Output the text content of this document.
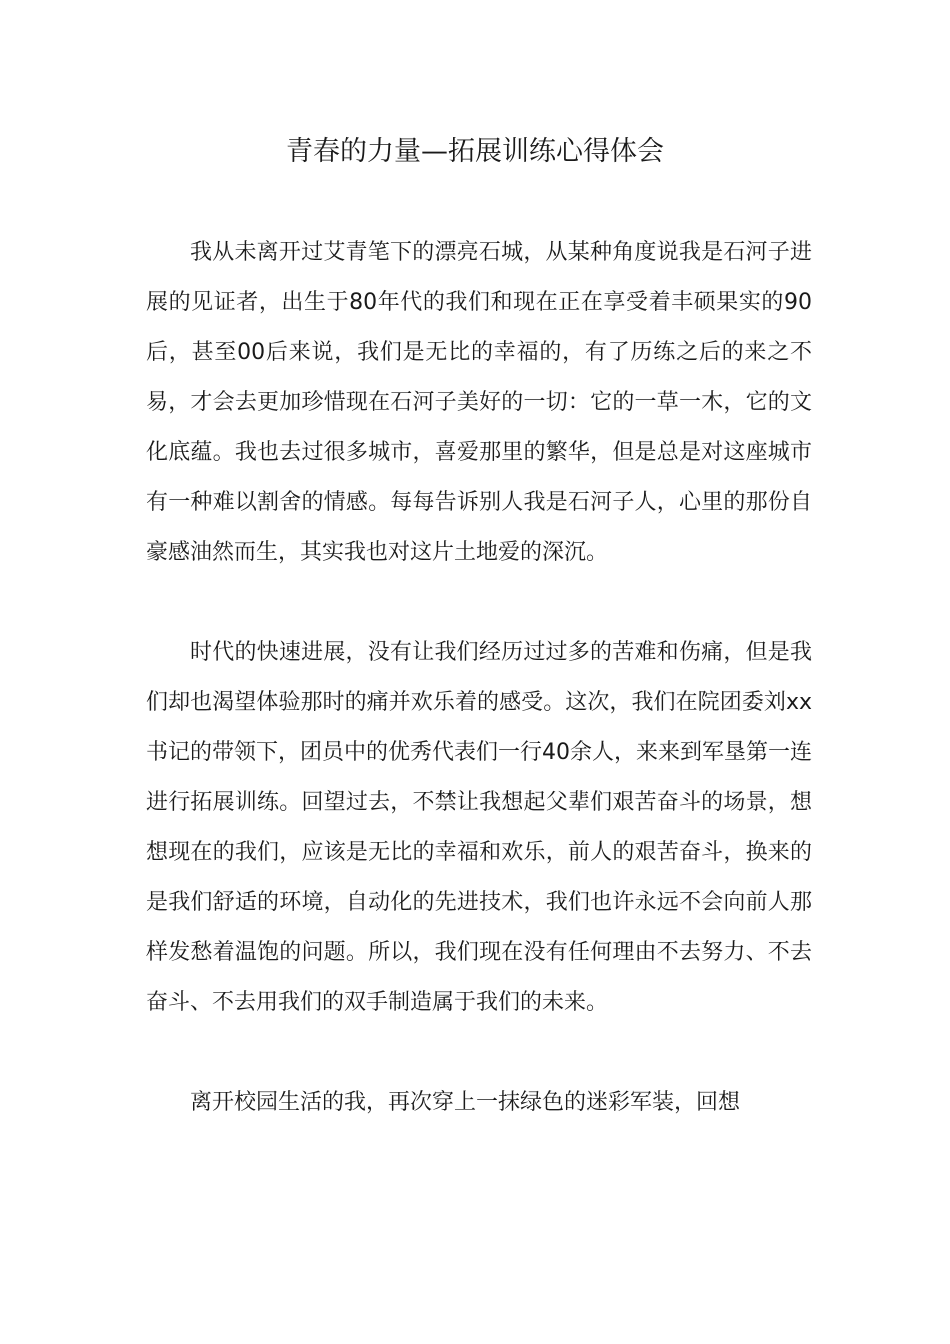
青春的力量—拓展训练心得体会

我从未离开过艾青笔下的漂亮石城，从某种角度说我是石河子进展的见证者，出生于80年代的我们和现在正在享受着丰硕果实的90后，甚至00后来说，我们是无比的幸福的，有了历练之后的来之不易，才会去更加珍惜现在石河子美好的一切：它的一草一木，它的文化底蕴。我也去过很多城市，喜爱那里的繁华，但是总是对这座城市有一种难以割舍的情感。每每告诉别人我是石河子人，心里的那份自豪感油然而生，其实我也对这片土地爱的深沉。

时代的快速进展，没有让我们经历过过多的苦难和伤痛，但是我们却也渴望体验那时的痛并欢乐着的感受。这次，我们在院团委刘xx书记的带领下，团员中的优秀代表们一行40余人，来来到军垦第一连进行拓展训练。回望过去，不禁让我想起父辈们艰苦奋斗的场景，想想现在的我们，应该是无比的幸福和欢乐，前人的艰苦奋斗，换来的是我们舒适的环境，自动化的先进技术，我们也许永远不会向前人那样发愁着温饱的问题。所以，我们现在没有任何理由不去努力、不去奋斗、不去用我们的双手制造属于我们的未来。

离开校园生活的我，再次穿上一抹绿色的迷彩军装，回想
